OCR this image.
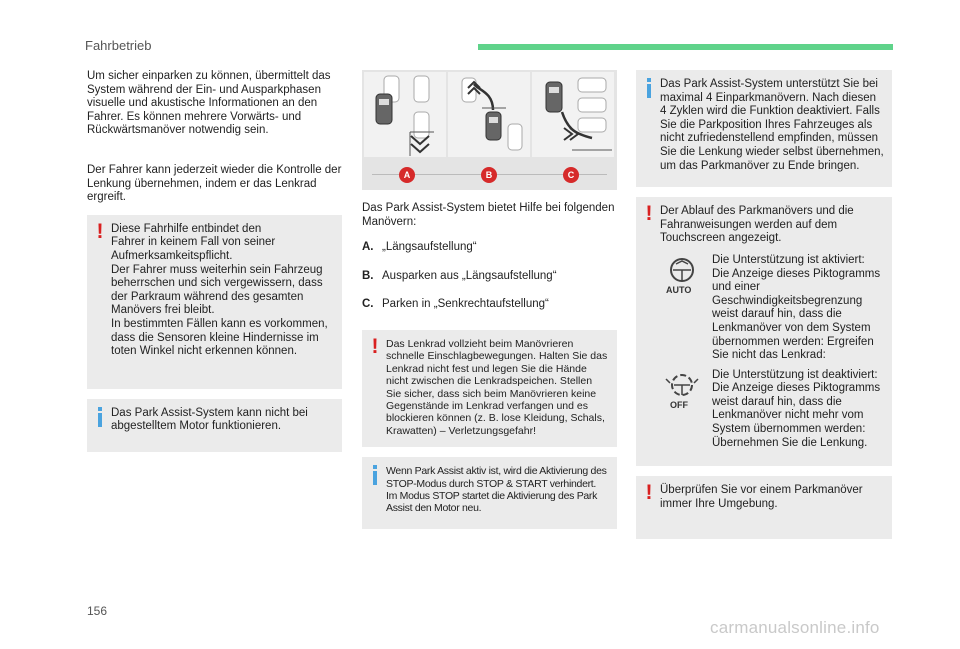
Fahrbetrieb

Um sicher einparken zu können, übermittelt das System während der Ein- und Ausparkphasen visuelle und akustische Informationen an den Fahrer. Es können mehrere Vorwärts- und Rückwärtsmanöver notwendig sein.

Der Fahrer kann jederzeit wieder die Kontrolle der Lenkung übernehmen, indem er das Lenkrad ergreift.

! Diese Fahrhilfe entbindet den
Fahrer in keinem Fall von seiner
Aufmerksamkeitspflicht.
Der Fahrer muss weiterhin sein Fahrzeug beherrschen und sich vergewissern, dass der Parkraum während des gesamten Manövers frei bleibt.
In bestimmten Fällen kann es vorkommen, dass die Sensoren kleine Hindernisse im toten Winkel nicht erkennen können.
Das Park Assist-System kann nicht bei abgestelltem Motor funktionieren.
A	B	C

Das Park Assist-System bietet Hilfe bei folgenden Manövern:

A. „Längsaufstellung“
B. Ausparken aus „Längsaufstellung“
C. Parken in „Senkrechtaufstellung“
! Das Lenkrad vollzieht beim Manövrieren schnelle Einschlagbewegungen. Halten Sie das Lenkrad nicht fest und legen Sie die Hände nicht zwischen die Lenkradspeichen. Stellen Sie sicher, dass sich beim Manövrieren keine Gegenstände im Lenkrad verfangen und es blockieren können (z. B. lose Kleidung, Schals, Krawatten) – Verletzungsgefahr!
Wenn Park Assist aktiv ist, wird die Aktivierung des STOP-Modus durch STOP & START verhindert. Im Modus STOP startet die Aktivierung des Park Assist den Motor neu.
Das Park Assist-System unterstützt Sie bei maximal 4 Einparkmanövern. Nach diesen 4 Zyklen wird die Funktion deaktiviert. Falls Sie die Parkposition Ihres Fahrzeuges als nicht zufriedenstellend empfinden, müssen Sie die Lenkung wieder selbst übernehmen, um das Parkmanöver zu Ende bringen.
! Der Ablauf des Parkmanövers und die Fahranweisungen werden auf dem Touchscreen angezeigt.
AUTO
Die Unterstützung ist aktiviert: Die Anzeige dieses Piktogramms und einer Geschwindigkeitsbegrenzung weist darauf hin, dass die Lenkmanöver von dem System übernommen werden: Ergreifen Sie nicht das Lenkrad:
OFF
Die Unterstützung ist deaktiviert: Die Anzeige dieses Piktogramms weist darauf hin, dass die Lenkmanöver nicht mehr vom System übernommen werden: Übernehmen Sie die Lenkung.
! Überprüfen Sie vor einem Parkmanöver immer Ihre Umgebung.
156
carmanualsonline.info
